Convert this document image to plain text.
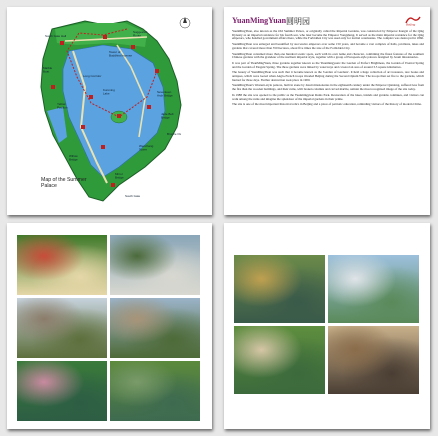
South Gate Hall
Suggested
Route
Tower of
Buddhist Incense
Marble
Boat
Long Corridor
Seventeen
Arch Bridge
Kunming
Lake
Jade Belt
Bridge
Bronze Ox
Wenchang
Tower
Yellow
Pavilion
Willow
Bridge
Mirror
Bridge
South Gate
Map of the Summer Palace
YuanMingYuan 圆明园	Beijing

YuanMingYuan, also known as the Old Summer Palace, or originally called the Imperial Gardens, was constructed by Emperor Kangxi of the Qing Dynasty as an imperial residence for his fourth son, who later became the Emperor Yongzheng. It served as the main imperial residence for the Qing emperors, who handled government affairs there, while the Forbidden City was used only for formal ceremonies. The complex was destroyed in 1860.

YuanMingYuan was enlarged and beautified by successive emperors over some 150 years, and became a vast complex of halls, pavilions, lakes and gardens that covered more than 350 hectares, about five times the size of the Forbidden City.

YuanMingYuan contained more than one hundred scenic spots, each with its own name and character, combining the finest features of the southern Chinese gardens with the grandeur of the northern imperial style, together with a group of European-style palaces designed by Jesuit missionaries.

It was part of YuanMingYuan, three gardens together known as the Yuanmingyuan: the Garden of Perfect Brightness, the Garden of Eternal Spring and the Garden of Elegant Spring. The three gardens were linked by waterways and covered an area of around 3.5 square kilometres.

The beauty of YuanMingYuan was such that it became known as the 'Garden of Gardens'. It held a huge collection of art treasures, rare books and antiques, which were looted when Anglo-French troops invaded Beijing during the Second Opium War. The troops then set fire to the gardens, which burned for three days. Further destruction took place in 1900.

YuanMingYuan's Western-style palaces, built in stone by Jesuit missionaries in the eighteenth century under the Emperor Qianlong, suffered less from the fire than the wooden buildings, and their ruins, with broken columns and carved marble, remain the most recognised image of the site today.

In 1988 the site was opened to the public as the Yuanmingyuan Ruins Park. Restoration of the lakes, islands and gardens continues, and visitors can walk among the ruins and imagine the splendour of the imperial gardens in their prime.

The site is one of the most important historical relics in Beijing and a place of patriotic education, reminding visitors of the history of modern China.
